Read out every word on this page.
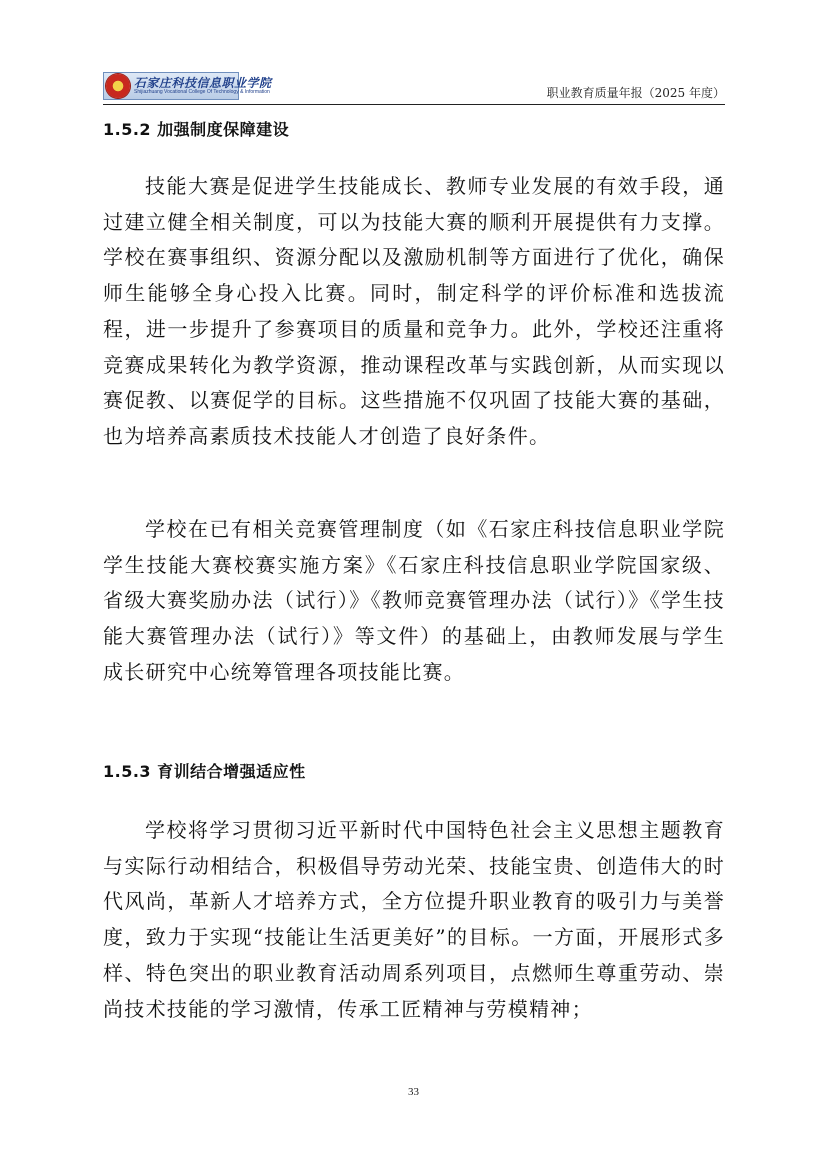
石家庄科技信息职业学院
Shijiazhuang Vocational College Of Technology & Information	职业教育质量年报（2025 年度）
1.5.2 加强制度保障建设

技能大赛是促进学生技能成长、教师专业发展的有效手段，通过建立健全相关制度，可以为技能大赛的顺利开展提供有力支撑。学校在赛事组织、资源分配以及激励机制等方面进行了优化，确保师生能够全身心投入比赛。同时，制定科学的评价标准和选拔流程，进一步提升了参赛项目的质量和竞争力。此外，学校还注重将竞赛成果转化为教学资源，推动课程改革与实践创新，从而实现以赛促教、以赛促学的目标。这些措施不仅巩固了技能大赛的基础，也为培养高素质技术技能人才创造了良好条件。

学校在已有相关竞赛管理制度（如《石家庄科技信息职业学院学生技能大赛校赛实施方案》《石家庄科技信息职业学院国家级、省级大赛奖励办法（试行）》《教师竞赛管理办法（试行）》《学生技能大赛管理办法（试行）》等文件）的基础上，由教师发展与学生成长研究中心统筹管理各项技能比赛。

1.5.3 育训结合增强适应性

学校将学习贯彻习近平新时代中国特色社会主义思想主题教育与实际行动相结合，积极倡导劳动光荣、技能宝贵、创造伟大的时代风尚，革新人才培养方式，全方位提升职业教育的吸引力与美誉度，致力于实现“技能让生活更美好”的目标。一方面，开展形式多样、特色突出的职业教育活动周系列项目，点燃师生尊重劳动、崇尚技术技能的学习激情，传承工匠精神与劳模精神；

33
